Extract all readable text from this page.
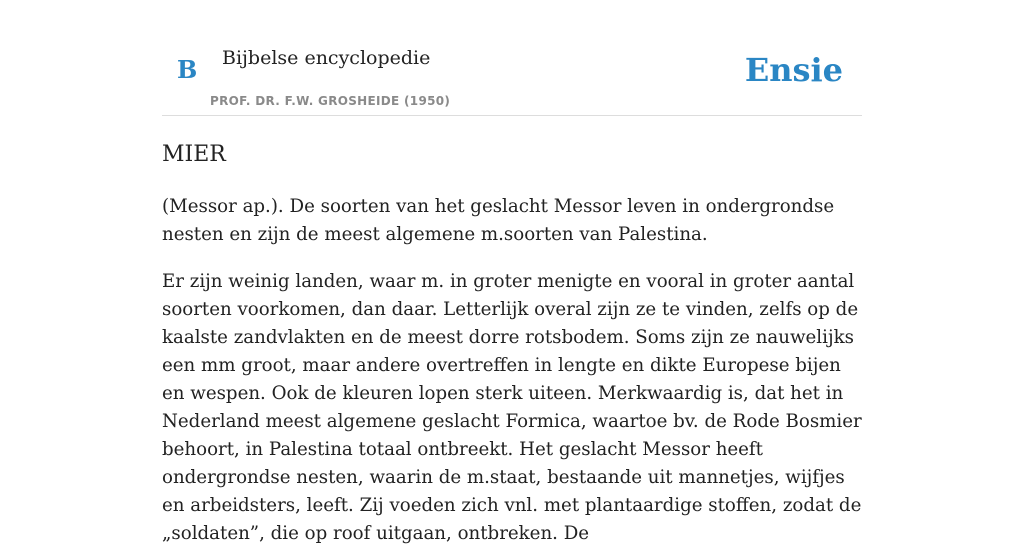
B Bijbelse encyclopedie
PROF. DR. F.W. GROSHEIDE (1950)
Ensie
MIER

(Messor ap.). De soorten van het geslacht Messor leven in ondergrondse nesten en zijn de meest algemene m.soorten van Palestina.

Er zijn weinig landen, waar m. in groter menigte en vooral in groter aantal soorten voorkomen, dan daar. Letterlijk overal zijn ze te vinden, zelfs op de kaalste zandvlakten en de meest dorre rotsbodem. Soms zijn ze nauwelijks een mm groot, maar andere overtreffen in lengte en dikte Europese bijen en wespen. Ook de kleuren lopen sterk uiteen. Merkwaardig is, dat het in Nederland meest algemene geslacht Formica, waartoe bv. de Rode Bosmier behoort, in Palestina totaal ontbreekt. Het geslacht Messor heeft ondergrondse nesten, waarin de m.staat, bestaande uit mannetjes, wijfjes en arbeidsters, leeft. Zij voeden zich vnl. met plantaardige stoffen, zodat de „soldaten”, die op roof uitgaan, ontbreken. De
